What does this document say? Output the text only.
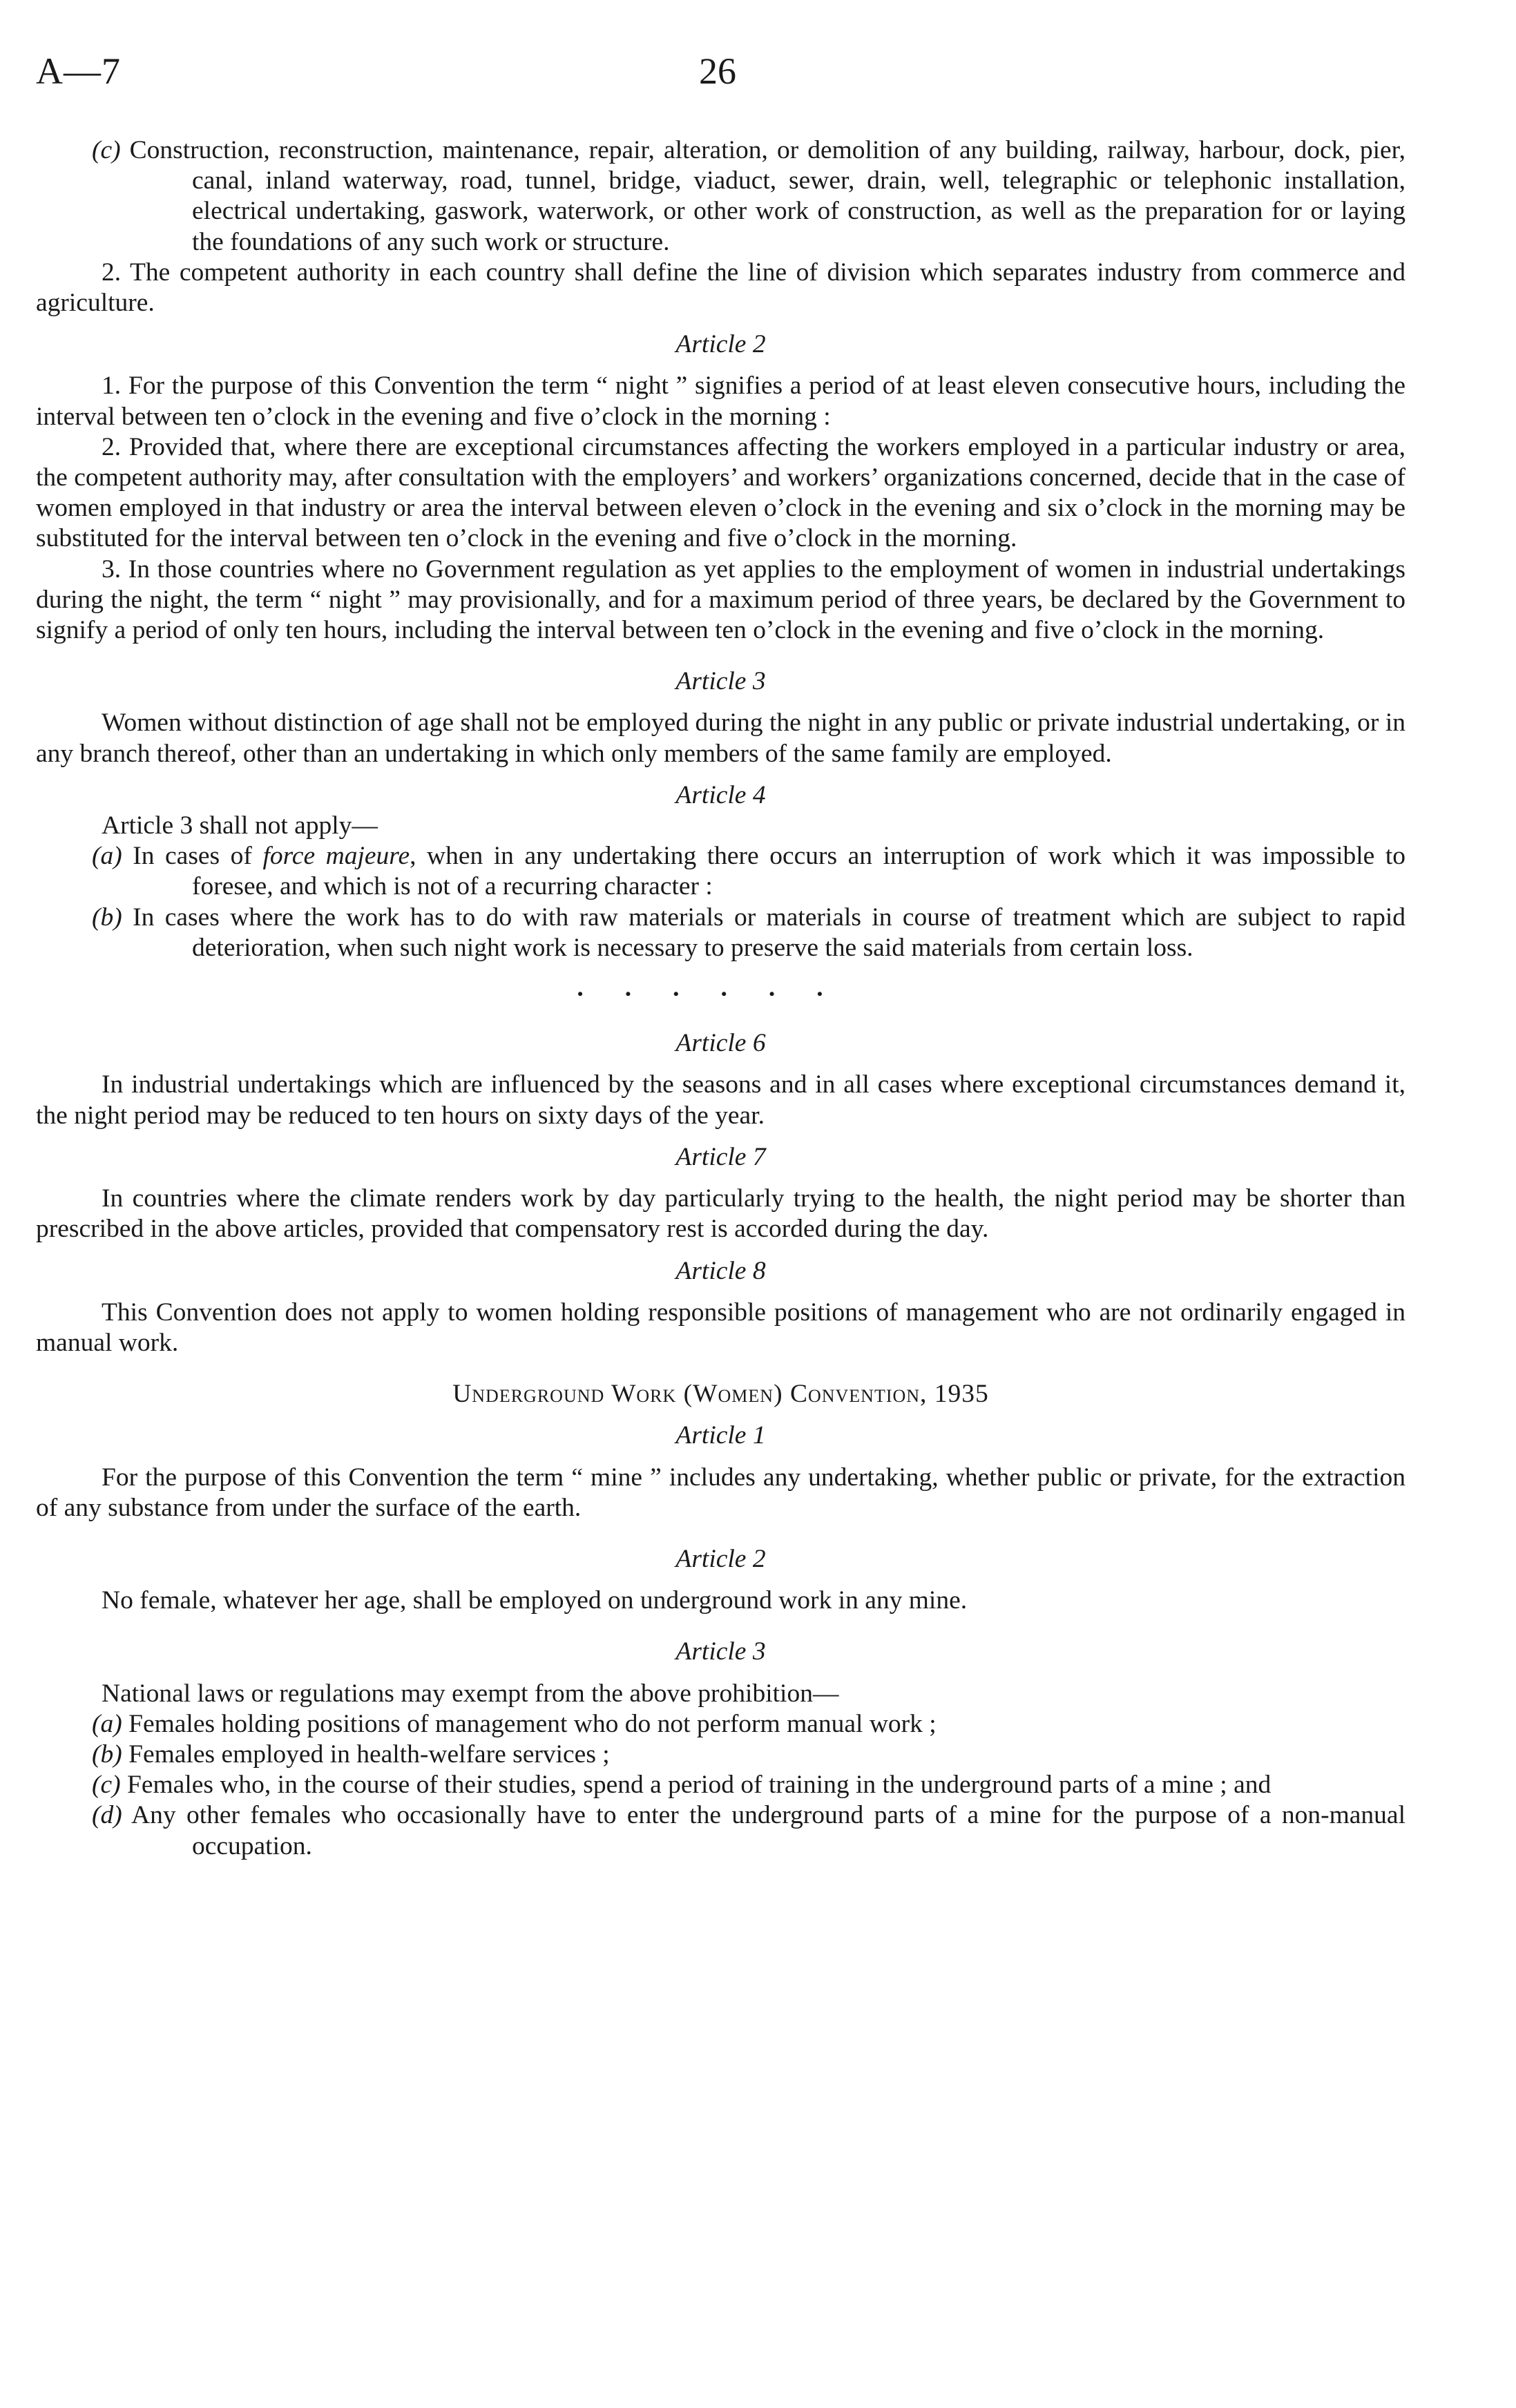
A—7	26

(c) Construction, reconstruction, maintenance, repair, alteration, or demolition of any building, railway, harbour, dock, pier, canal, inland waterway, road, tunnel, bridge, viaduct, sewer, drain, well, telegraphic or telephonic installation, electrical undertaking, gaswork, waterwork, or other work of construction, as well as the preparation for or laying the foundations of any such work or structure.

2. The competent authority in each country shall define the line of division which separates industry from commerce and agriculture.

Article 2

1. For the purpose of this Convention the term “ night ” signifies a period of at least eleven consecutive hours, including the interval between ten o’clock in the evening and five o’clock in the morning :

2. Provided that, where there are exceptional circumstances affecting the workers employed in a particular industry or area, the competent authority may, after consultation with the employers’ and workers’ organizations concerned, decide that in the case of women employed in that industry or area the interval between eleven o’clock in the evening and six o’clock in the morning may be substituted for the interval between ten o’clock in the evening and five o’clock in the morning.

3. In those countries where no Government regulation as yet applies to the employment of women in industrial undertakings during the night, the term “ night ” may provisionally, and for a maximum period of three years, be declared by the Government to signify a period of only ten hours, including the interval between ten o’clock in the evening and five o’clock in the morning.

Article 3

Women without distinction of age shall not be employed during the night in any public or private industrial undertaking, or in any branch thereof, other than an undertaking in which only members of the same family are employed.

Article 4

Article 3 shall not apply—

(a) In cases of force majeure, when in any undertaking there occurs an interruption of work which it was impossible to foresee, and which is not of a recurring character :

(b) In cases where the work has to do with raw materials or materials in course of treatment which are subject to rapid deterioration, when such night work is necessary to preserve the said materials from certain loss.

......

Article 6

In industrial undertakings which are influenced by the seasons and in all cases where exceptional circumstances demand it, the night period may be reduced to ten hours on sixty days of the year.

Article 7

In countries where the climate renders work by day particularly trying to the health, the night period may be shorter than prescribed in the above articles, provided that compensatory rest is accorded during the day.

Article 8

This Convention does not apply to women holding responsible positions of management who are not ordinarily engaged in manual work.

Underground Work (Women) Convention, 1935

Article 1

For the purpose of this Convention the term “ mine ” includes any undertaking, whether public or private, for the extraction of any substance from under the surface of the earth.

Article 2

No female, whatever her age, shall be employed on underground work in any mine.

Article 3

National laws or regulations may exempt from the above prohibition—

(a) Females holding positions of management who do not perform manual work ;

(b) Females employed in health-welfare services ;

(c) Females who, in the course of their studies, spend a period of training in the underground parts of a mine ; and

(d) Any other females who occasionally have to enter the underground parts of a mine for the purpose of a non-manual occupation.
